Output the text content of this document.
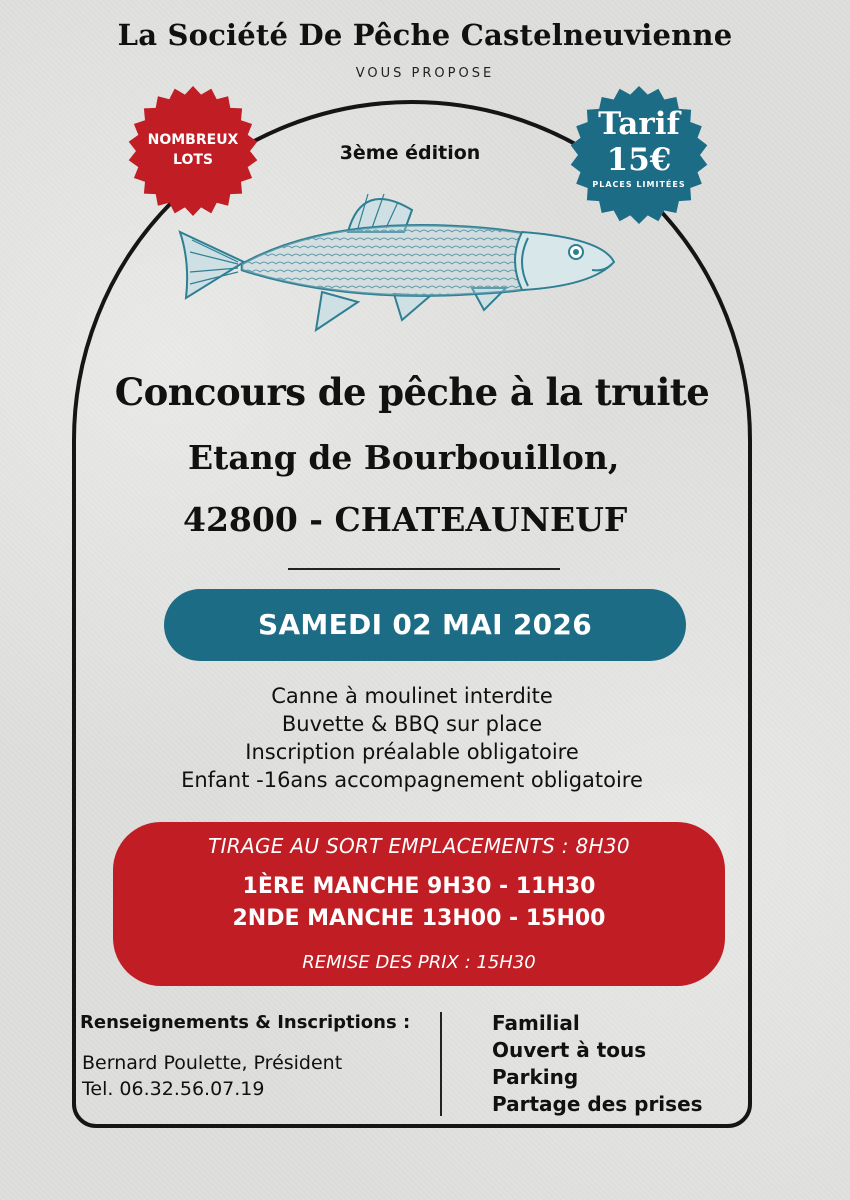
La Société De Pêche Castelneuvienne
VOUS PROPOSE
NOMBREUX
LOTS
Tarif
15€
PLACES LIMITÉES
3ème édition
Concours de pêche à la truite
Etang de Bourbouillon,
42800 - CHATEAUNEUF
SAMEDI 02 MAI 2026
Canne à moulinet interdite
Buvette & BBQ sur place
Inscription préalable obligatoire
Enfant -16ans accompagnement obligatoire
TIRAGE AU SORT EMPLACEMENTS : 8H30
1ÈRE MANCHE 9H30 - 11H30
2NDE MANCHE 13H00 - 15H00
REMISE DES PRIX : 15H30
Renseignements & Inscriptions :
Bernard Poulette, Président
Tel. 06.32.56.07.19
Familial
Ouvert à tous
Parking
Partage des prises
